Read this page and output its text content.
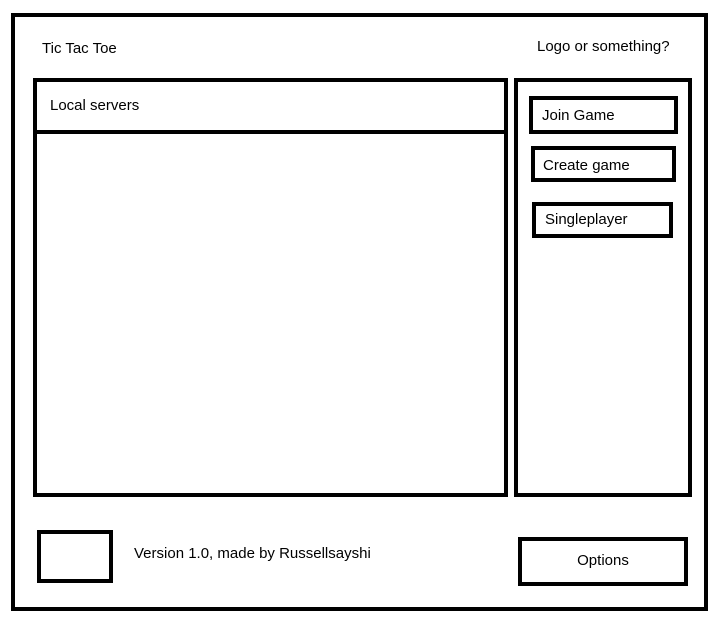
Tic Tac Toe	Logo or something?
Local servers
Join Game
Create game
Singleplayer
Version 1.0, made by Russellsayshi	Options
